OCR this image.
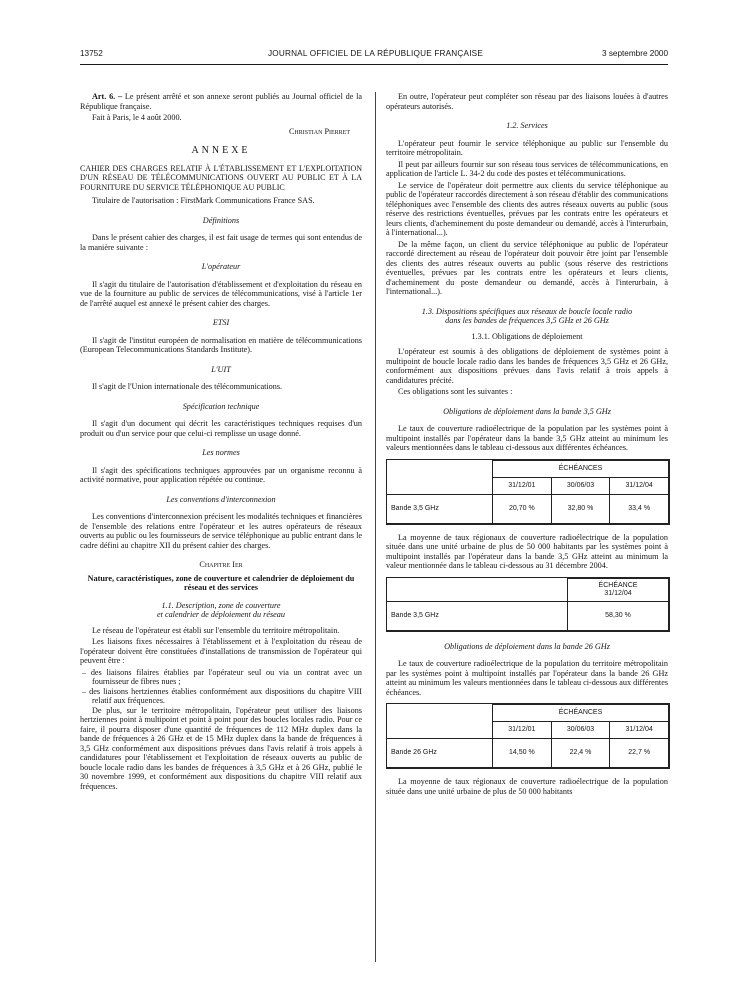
13752	JOURNAL OFFICIEL DE LA RÉPUBLIQUE FRANÇAISE	3 septembre 2000

Art. 6. – Le présent arrêté et son annexe seront publiés au Journal officiel de la République française.

Fait à Paris, le 4 août 2000.

Christian Pierret
ANNEXE

CAHIER DES CHARGES RELATIF À L'ÉTABLISSEMENT ET L'EXPLOITATION D'UN RÉSEAU DE TÉLÉCOMMUNICATIONS OUVERT AU PUBLIC ET À LA FOURNITURE DU SERVICE TÉLÉPHONIQUE AU PUBLIC

Titulaire de l'autorisation : FirstMark Communications France SAS.

Définitions

Dans le présent cahier des charges, il est fait usage de termes qui sont entendus de la manière suivante :

L'opérateur

Il s'agit du titulaire de l'autorisation d'établissement et d'exploitation du réseau en vue de la fourniture au public de services de télécommunications, visé à l'article 1er de l'arrêté auquel est annexé le présent cahier des charges.

ETSI

Il s'agit de l'institut européen de normalisation en matière de télécommunications (European Telecommunications Standards Institute).

L'UIT

Il s'agit de l'Union internationale des télécommunications.

Spécification technique

Il s'agit d'un document qui décrit les caractéristiques techniques requises d'un produit ou d'un service pour que celui-ci remplisse un usage donné.

Les normes

Il s'agit des spécifications techniques approuvées par un organisme reconnu à activité normative, pour application répétée ou continue.

Les conventions d'interconnexion

Les conventions d'interconnexion précisent les modalités techniques et financières de l'ensemble des relations entre l'opérateur et les autres opérateurs de réseaux ouverts au public ou les fournisseurs de service téléphonique au public entrant dans le cadre défini au chapitre XII du présent cahier des charges.

Chapitre Ier
Nature, caractéristiques, zone de couverture et calendrier de déploiement du réseau et des services
1.1. Description, zone de couverture
et calendrier de déploiement du réseau

Le réseau de l'opérateur est établi sur l'ensemble du territoire métropolitain.

Les liaisons fixes nécessaires à l'établissement et à l'exploitation du réseau de l'opérateur doivent être constituées d'installations de transmission de l'opérateur qui peuvent être :

– des liaisons filaires établies par l'opérateur seul ou via un contrat avec un fournisseur de fibres nues ;
– des liaisons hertziennes établies conformément aux dispositions du chapitre VIII relatif aux fréquences.

De plus, sur le territoire métropolitain, l'opérateur peut utiliser des liaisons hertziennes point à multipoint et point à point pour des boucles locales radio. Pour ce faire, il pourra disposer d'une quantité de fréquences de 112 MHz duplex dans la bande de fréquences à 26 GHz et de 15 MHz duplex dans la bande de fréquences à 3,5 GHz conformément aux dispositions prévues dans l'avis relatif à trois appels à candidatures pour l'établissement et l'exploitation de réseaux ouverts au public de boucle locale radio dans les bandes de fréquences à 3,5 GHz et à 26 GHz, publié le 30 novembre 1999, et conformément aux dispositions du chapitre VIII relatif aux fréquences.

En outre, l'opérateur peut compléter son réseau par des liaisons louées à d'autres opérateurs autorisés.

1.2. Services

L'opérateur peut fournir le service téléphonique au public sur l'ensemble du territoire métropolitain.

Il peut par ailleurs fournir sur son réseau tous services de télécommunications, en application de l'article L. 34-2 du code des postes et télécommunications.

Le service de l'opérateur doit permettre aux clients du service téléphonique au public de l'opérateur raccordés directement à son réseau d'établir des communications téléphoniques avec l'ensemble des clients des autres réseaux ouverts au public (sous réserve des restrictions éventuelles, prévues par les contrats entre les opérateurs et leurs clients, d'acheminement du poste demandeur ou demandé, accès à l'interurbain, à l'international...).

De la même façon, un client du service téléphonique au public de l'opérateur raccordé directement au réseau de l'opérateur doit pouvoir être joint par l'ensemble des clients des autres réseaux ouverts au public (sous réserve des restrictions éventuelles, prévues par les contrats entre les opérateurs et leurs clients, d'acheminement du poste demandeur ou demandé, accès à l'interurbain, à l'international...).

1.3. Dispositions spécifiques aux réseaux de boucle locale radio
dans les bandes de fréquences 3,5 GHz et 26 GHz
1.3.1. Obligations de déploiement

L'opérateur est soumis à des obligations de déploiement de systèmes point à multipoint de boucle locale radio dans les bandes de fréquences 3,5 GHz et 26 GHz, conformément aux dispositions prévues dans l'avis relatif à trois appels à candidatures précité.

Ces obligations sont les suivantes :

Obligations de déploiement dans la bande 3,5 GHz

Le taux de couverture radioélectrique de la population par les systèmes point à multipoint installés par l'opérateur dans la bande 3,5 GHz atteint au minimum les valeurs mentionnées dans le tableau ci-dessous aux différentes échéances.

	ÉCHÉANCES		
	31/12/01	30/06/03	31/12/04
Bande 3,5 GHz	20,70 %	32,80 %	33,4 %

La moyenne de taux régionaux de couverture radioélectrique de la population située dans une unité urbaine de plus de 50 000 habitants par les systèmes point à multipoint installés par l'opérateur dans la bande 3,5 GHz atteint au minimum la valeur mentionnée dans le tableau ci-dessous au 31 décembre 2004.

	ÉCHÉANCE
31/12/04

Bande 3,5 GHz	58,30 %
Obligations de déploiement dans la bande 26 GHz

Le taux de couverture radioélectrique de la population du territoire métropolitain par les systèmes point à multipoint installés par l'opérateur dans la bande 26 GHz atteint au minimum les valeurs mentionnées dans le tableau ci-dessous aux différentes échéances.

	ÉCHÉANCES		
	31/12/01	30/06/03	31/12/04
Bande 26 GHz	14,50 %	22,4 %	22,7 %

La moyenne de taux régionaux de couverture radioélectrique de la population située dans une unité urbaine de plus de 50 000 habitants
